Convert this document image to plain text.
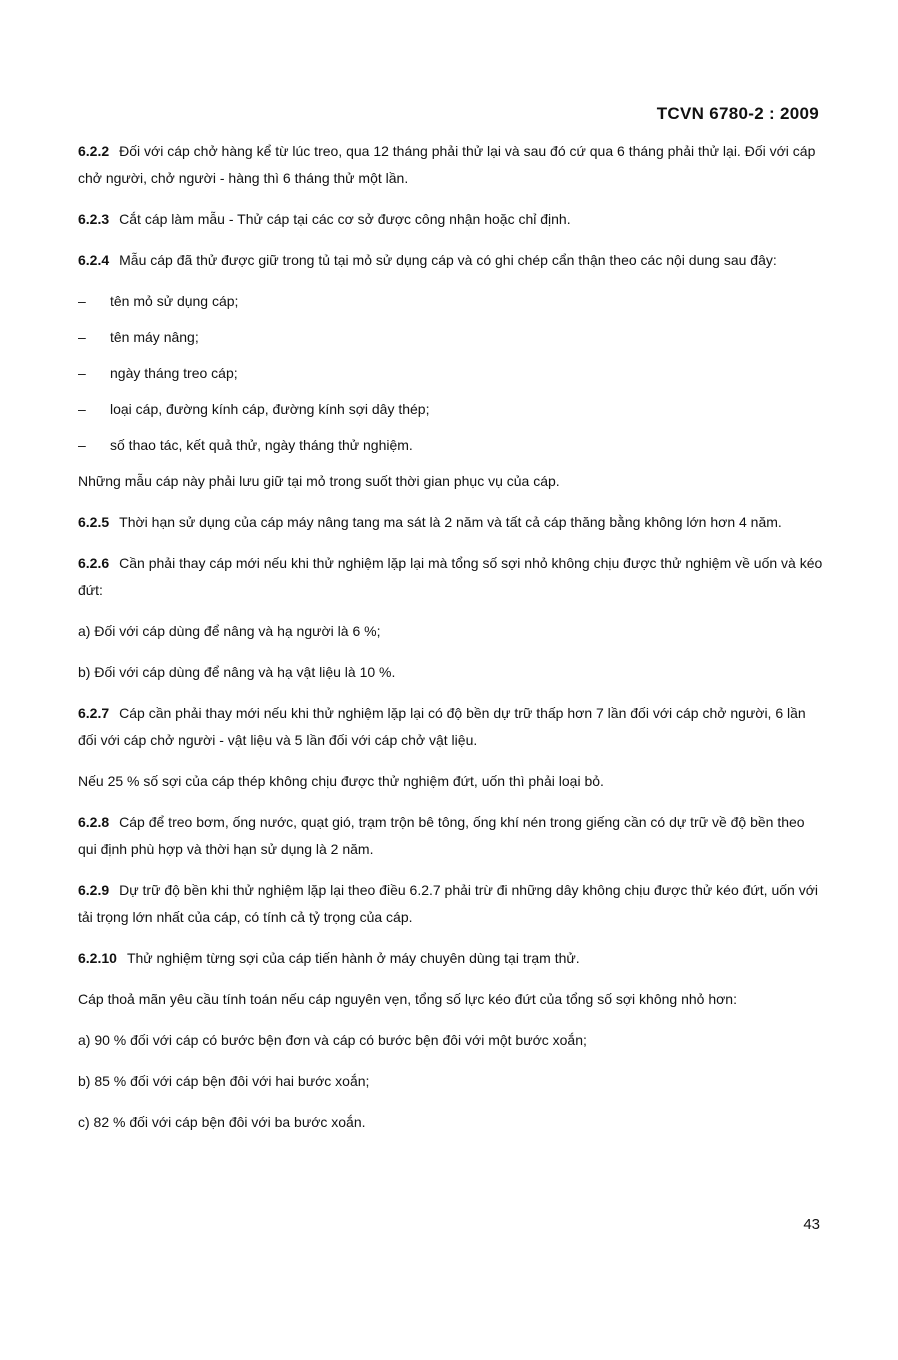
TCVN 6780-2 : 2009

6.2.2 Đối với cáp chở hàng kể từ lúc treo, qua 12 tháng phải thử lại và sau đó cứ qua 6 tháng phải thử lại. Đối với cáp chở người, chở người - hàng thì 6 tháng thử một lần.

6.2.3 Cắt cáp làm mẫu - Thử cáp tại các cơ sở được công nhận hoặc chỉ định.

6.2.4 Mẫu cáp đã thử được giữ trong tủ tại mỏ sử dụng cáp và có ghi chép cẩn thận theo các nội dung sau đây:

–	tên mỏ sử dụng cáp;
–	tên máy nâng;
–	ngày tháng treo cáp;
–	loại cáp, đường kính cáp, đường kính sợi dây thép;
–	số thao tác, kết quả thử, ngày tháng thử nghiệm.

Những mẫu cáp này phải lưu giữ tại mỏ trong suốt thời gian phục vụ của cáp.

6.2.5 Thời hạn sử dụng của cáp máy nâng tang ma sát là 2 năm và tất cả cáp thăng bằng không lớn hơn 4 năm.

6.2.6 Cần phải thay cáp mới nếu khi thử nghiệm lặp lại mà tổng số sợi nhỏ không chịu được thử nghiệm về uốn và kéo đứt:

a) Đối với cáp dùng để nâng và hạ người là 6 %;

b) Đối với cáp dùng để nâng và hạ vật liệu là 10 %.

6.2.7 Cáp cần phải thay mới nếu khi thử nghiệm lặp lại có độ bền dự trữ thấp hơn 7 lần đối với cáp chở người, 6 lần đối với cáp chở người - vật liệu và 5 lần đối với cáp chở vật liệu.

Nếu 25 % số sợi của cáp thép không chịu được thử nghiệm đứt, uốn thì phải loại bỏ.

6.2.8 Cáp để treo bơm, ống nước, quạt gió, trạm trộn bê tông, ống khí nén trong giếng cần có dự trữ về độ bền theo qui định phù hợp và thời hạn sử dụng là 2 năm.

6.2.9 Dự trữ độ bền khi thử nghiệm lặp lại theo điều 6.2.7 phải trừ đi những dây không chịu được thử kéo đứt, uốn với tải trọng lớn nhất của cáp, có tính cả tỷ trọng của cáp.

6.2.10 Thử nghiệm từng sợi của cáp tiến hành ở máy chuyên dùng tại trạm thử.

Cáp thoả mãn yêu cầu tính toán nếu cáp nguyên vẹn, tổng số lực kéo đứt của tổng số sợi không nhỏ hơn:

a) 90 % đối với cáp có bước bện đơn và cáp có bước bện đôi với một bước xoắn;

b) 85 % đối với cáp bện đôi với hai bước xoắn;

c) 82 % đối với cáp bện đôi với ba bước xoắn.

43
